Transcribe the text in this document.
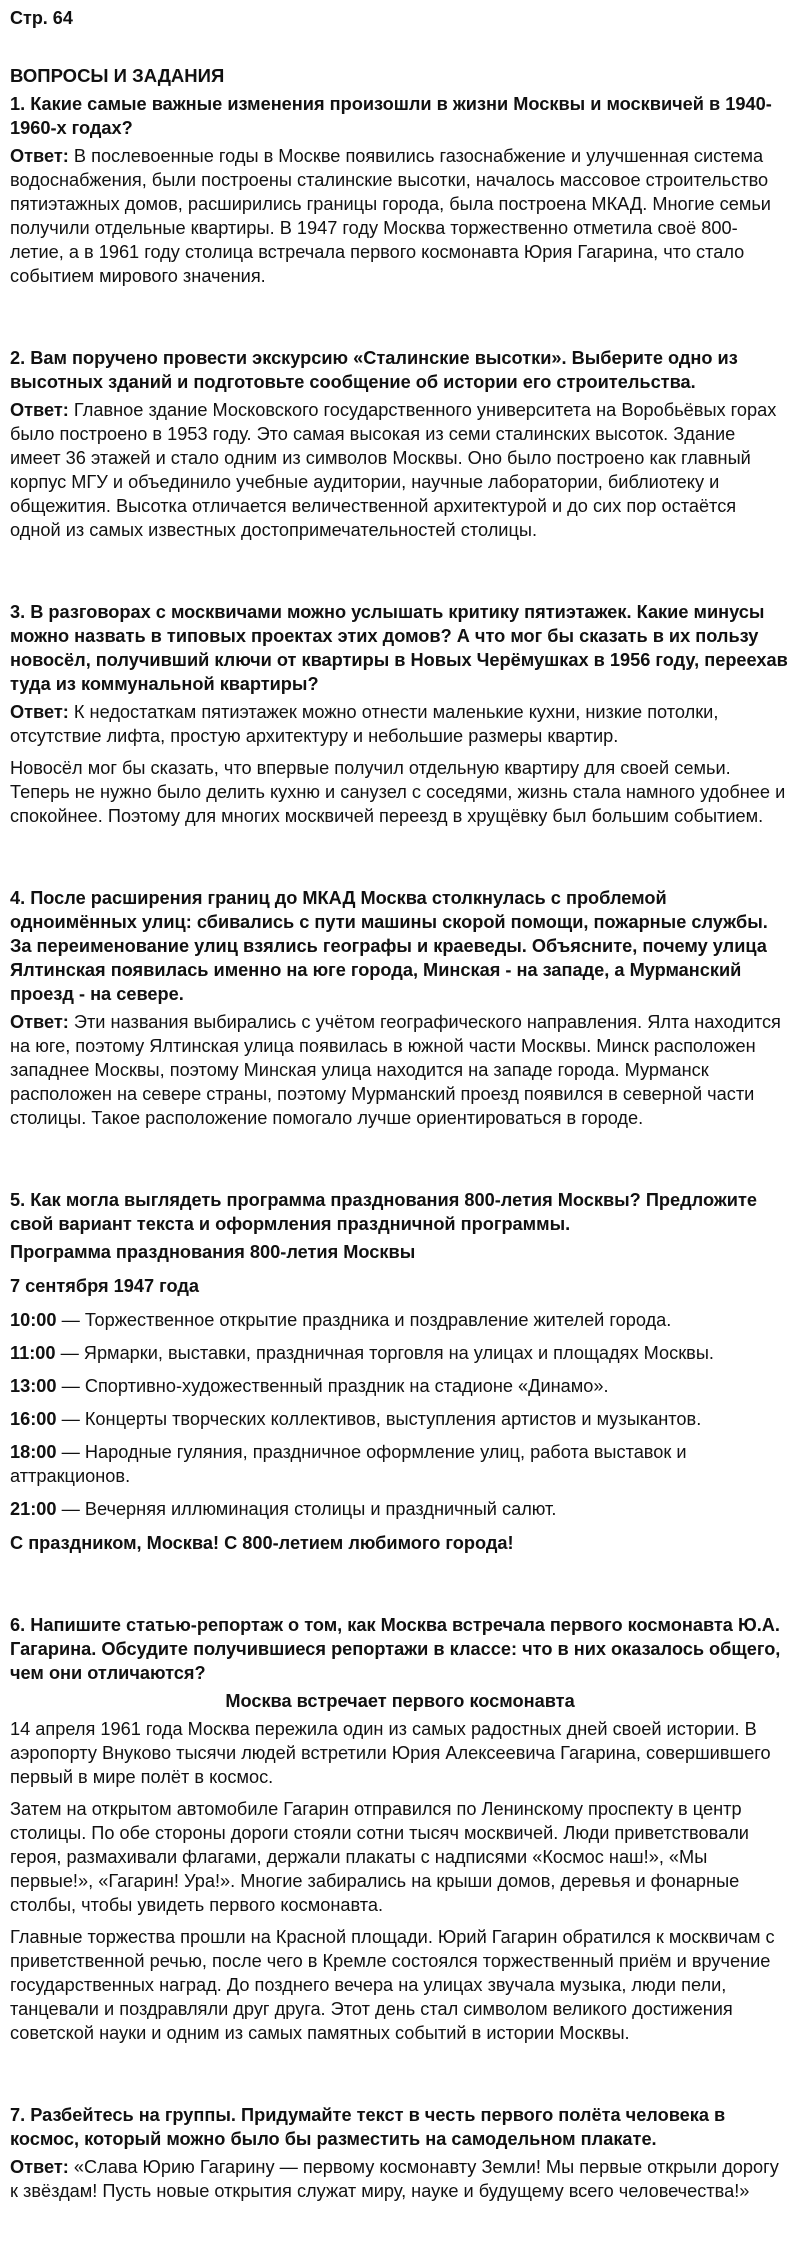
Стр. 64
ВОПРОСЫ И ЗАДАНИЯ
1. Какие самые важные изменения произошли в жизни Москвы и москвичей в 1940-1960-х годах?

Ответ: В послевоенные годы в Москве появились газоснабжение и улучшенная система водоснабжения, были построены сталинские высотки, началось массовое строительство пятиэтажных домов, расширились границы города, была построена МКАД. Многие семьи получили отдельные квартиры. В 1947 году Москва торжественно отметила своё 800-летие, а в 1961 году столица встречала первого космонавта Юрия Гагарина, что стало событием мирового значения.

2. Вам поручено провести экскурсию «Сталинские высотки». Выберите одно из высотных зданий и подготовьте сообщение об истории его строительства.

Ответ: Главное здание Московского государственного университета на Воробьёвых горах было построено в 1953 году. Это самая высокая из семи сталинских высоток. Здание имеет 36 этажей и стало одним из символов Москвы. Оно было построено как главный корпус МГУ и объединило учебные аудитории, научные лаборатории, библиотеку и общежития. Высотка отличается величественной архитектурой и до сих пор остаётся одной из самых известных достопримечательностей столицы.

3. В разговорах с москвичами можно услышать критику пятиэтажек. Какие минусы можно назвать в типовых проектах этих домов? А что мог бы сказать в их пользу новосёл, получивший ключи от квартиры в Новых Черёмушках в 1956 году, переехав туда из коммунальной квартиры?

Ответ: К недостаткам пятиэтажек можно отнести маленькие кухни, низкие потолки, отсутствие лифта, простую архитектуру и небольшие размеры квартир.

Новосёл мог бы сказать, что впервые получил отдельную квартиру для своей семьи. Теперь не нужно было делить кухню и санузел с соседями, жизнь стала намного удобнее и спокойнее. Поэтому для многих москвичей переезд в хрущёвку был большим событием.

4. После расширения границ до МКАД Москва столкнулась с проблемой одноимённых улиц: сбивались с пути машины скорой помощи, пожарные службы. За переименование улиц взялись географы и краеведы. Объясните, почему улица Ялтинская появилась именно на юге города, Минская - на западе, а Мурманский проезд - на севере.

Ответ: Эти названия выбирались с учётом географического направления. Ялта находится на юге, поэтому Ялтинская улица появилась в южной части Москвы. Минск расположен западнее Москвы, поэтому Минская улица находится на западе города. Мурманск расположен на севере страны, поэтому Мурманский проезд появился в северной части столицы. Такое расположение помогало лучше ориентироваться в городе.

5. Как могла выглядеть программа празднования 800-летия Москвы? Предложите свой вариант текста и оформления праздничной программы.
Программа празднования 800-летия Москвы
7 сентября 1947 года
10:00 — Торжественное открытие праздника и поздравление жителей города.
11:00 — Ярмарки, выставки, праздничная торговля на улицах и площадях Москвы.
13:00 — Спортивно-художественный праздник на стадионе «Динамо».
16:00 — Концерты творческих коллективов, выступления артистов и музыкантов.
18:00 — Народные гуляния, праздничное оформление улиц, работа выставок и аттракционов.
21:00 — Вечерняя иллюминация столицы и праздничный салют.
С праздником, Москва! С 800-летием любимого города!
6. Напишите статью-репортаж о том, как Москва встречала первого космонавта Ю.А. Гагарина. Обсудите получившиеся репортажи в классе: что в них оказалось общего, чем они отличаются?
Москва встречает первого космонавта

14 апреля 1961 года Москва пережила один из самых радостных дней своей истории. В аэропорту Внуково тысячи людей встретили Юрия Алексеевича Гагарина, совершившего первый в мире полёт в космос.

Затем на открытом автомобиле Гагарин отправился по Ленинскому проспекту в центр столицы. По обе стороны дороги стояли сотни тысяч москвичей. Люди приветствовали героя, размахивали флагами, держали плакаты с надписями «Космос наш!», «Мы первые!», «Гагарин! Ура!». Многие забирались на крыши домов, деревья и фонарные столбы, чтобы увидеть первого космонавта.

Главные торжества прошли на Красной площади. Юрий Гагарин обратился к москвичам с приветственной речью, после чего в Кремле состоялся торжественный приём и вручение государственных наград. До позднего вечера на улицах звучала музыка, люди пели, танцевали и поздравляли друг друга. Этот день стал символом великого достижения советской науки и одним из самых памятных событий в истории Москвы.

7. Разбейтесь на группы. Придумайте текст в честь первого полёта человека в космос, который можно было бы разместить на самодельном плакате.

Ответ: «Слава Юрию Гагарину — первому космонавту Земли! Мы первые открыли дорогу к звёздам! Пусть новые открытия служат миру, науке и будущему всего человечества!»
